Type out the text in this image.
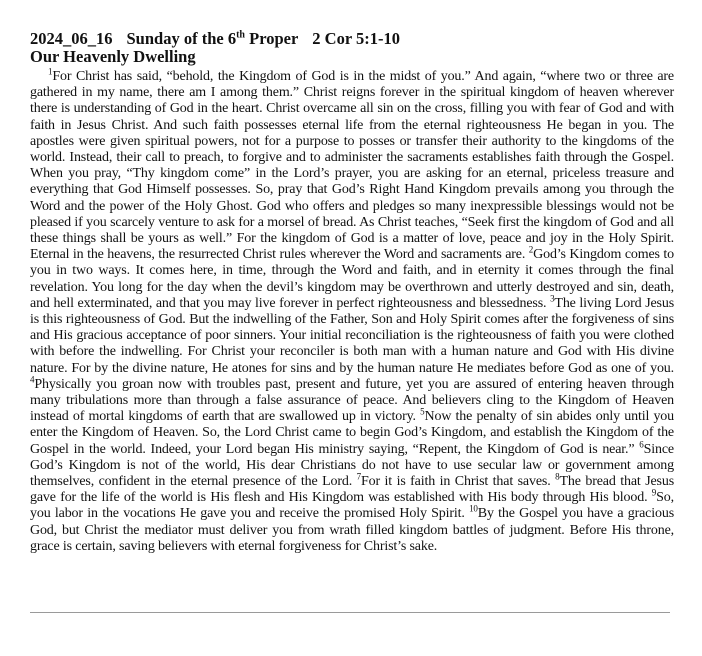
2024_06_16 Sunday of the 6th Proper 2 Cor 5:1-10
Our Heavenly Dwelling

$^1$For Christ has said, “behold, the Kingdom of God is in the midst of you.” And again, “where two or three are gathered in my name, there am I among them.” Christ reigns forever in the spiritual kingdom of heaven wherever there is understanding of God in the heart. Christ overcame all sin on the cross, filling you with fear of God and with faith in Jesus Christ. And such faith possesses eternal life from the eternal righteousness He began in you. The apostles were given spiritual powers, not for a purpose to posses or transfer their authority to the kingdoms of the world. Instead, their call to preach, to forgive and to administer the sacraments establishes faith through the Gospel. When you pray, “Thy kingdom come” in the Lord’s prayer, you are asking for an eternal, priceless treasure and everything that God Himself possesses. So, pray that God’s Right Hand Kingdom prevails among you through the Word and the power of the Holy Ghost. God who offers and pledges so many inexpressible blessings would not be pleased if you scarcely venture to ask for a morsel of bread. As Christ teaches, “Seek first the kingdom of God and all these things shall be yours as well.” For the kingdom of God is a matter of love, peace and joy in the Holy Spirit. Eternal in the heavens, the resurrected Christ rules wherever the Word and sacraments are. $^2$God’s Kingdom comes to you in two ways. It comes here, in time, through the Word and faith, and in eternity it comes through the final revelation. You long for the day when the devil’s kingdom may be overthrown and utterly destroyed and sin, death, and hell exterminated, and that you may live forever in perfect righteousness and blessedness. $^3$The living Lord Jesus is this righteousness of God. But the indwelling of the Father, Son and Holy Spirit comes after the forgiveness of sins and His gracious acceptance of poor sinners. Your initial reconciliation is the righteousness of faith you were clothed with before the indwelling. For Christ your reconciler is both man with a human nature and God with His divine nature. For by the divine nature, He atones for sins and by the human nature He mediates before God as one of you. $^4$Physically you groan now with troubles past, present and future, yet you are assured of entering heaven through many tribulations more than through a false assurance of peace. And believers cling to the Kingdom of Heaven instead of mortal kingdoms of earth that are swallowed up in victory. $^5$Now the penalty of sin abides only until you enter the Kingdom of Heaven. So, the Lord Christ came to begin God’s Kingdom, and establish the Kingdom of the Gospel in the world. Indeed, your Lord began His ministry saying, “Repent, the Kingdom of God is near.” $^6$Since God’s Kingdom is not of the world, His dear Christians do not have to use secular law or government among themselves, confident in the eternal presence of the Lord. $^7$For it is faith in Christ that saves. $^8$The bread that Jesus gave for the life of the world is His flesh and His Kingdom was established with His body through His blood. $^9$So, you labor in the vocations He gave you and receive the promised Holy Spirit. $^{10}$By the Gospel you have a gracious God, but Christ the mediator must deliver you from wrath filled kingdom battles of judgment. Before His throne, grace is certain, saving believers with eternal forgiveness for Christ’s sake.
